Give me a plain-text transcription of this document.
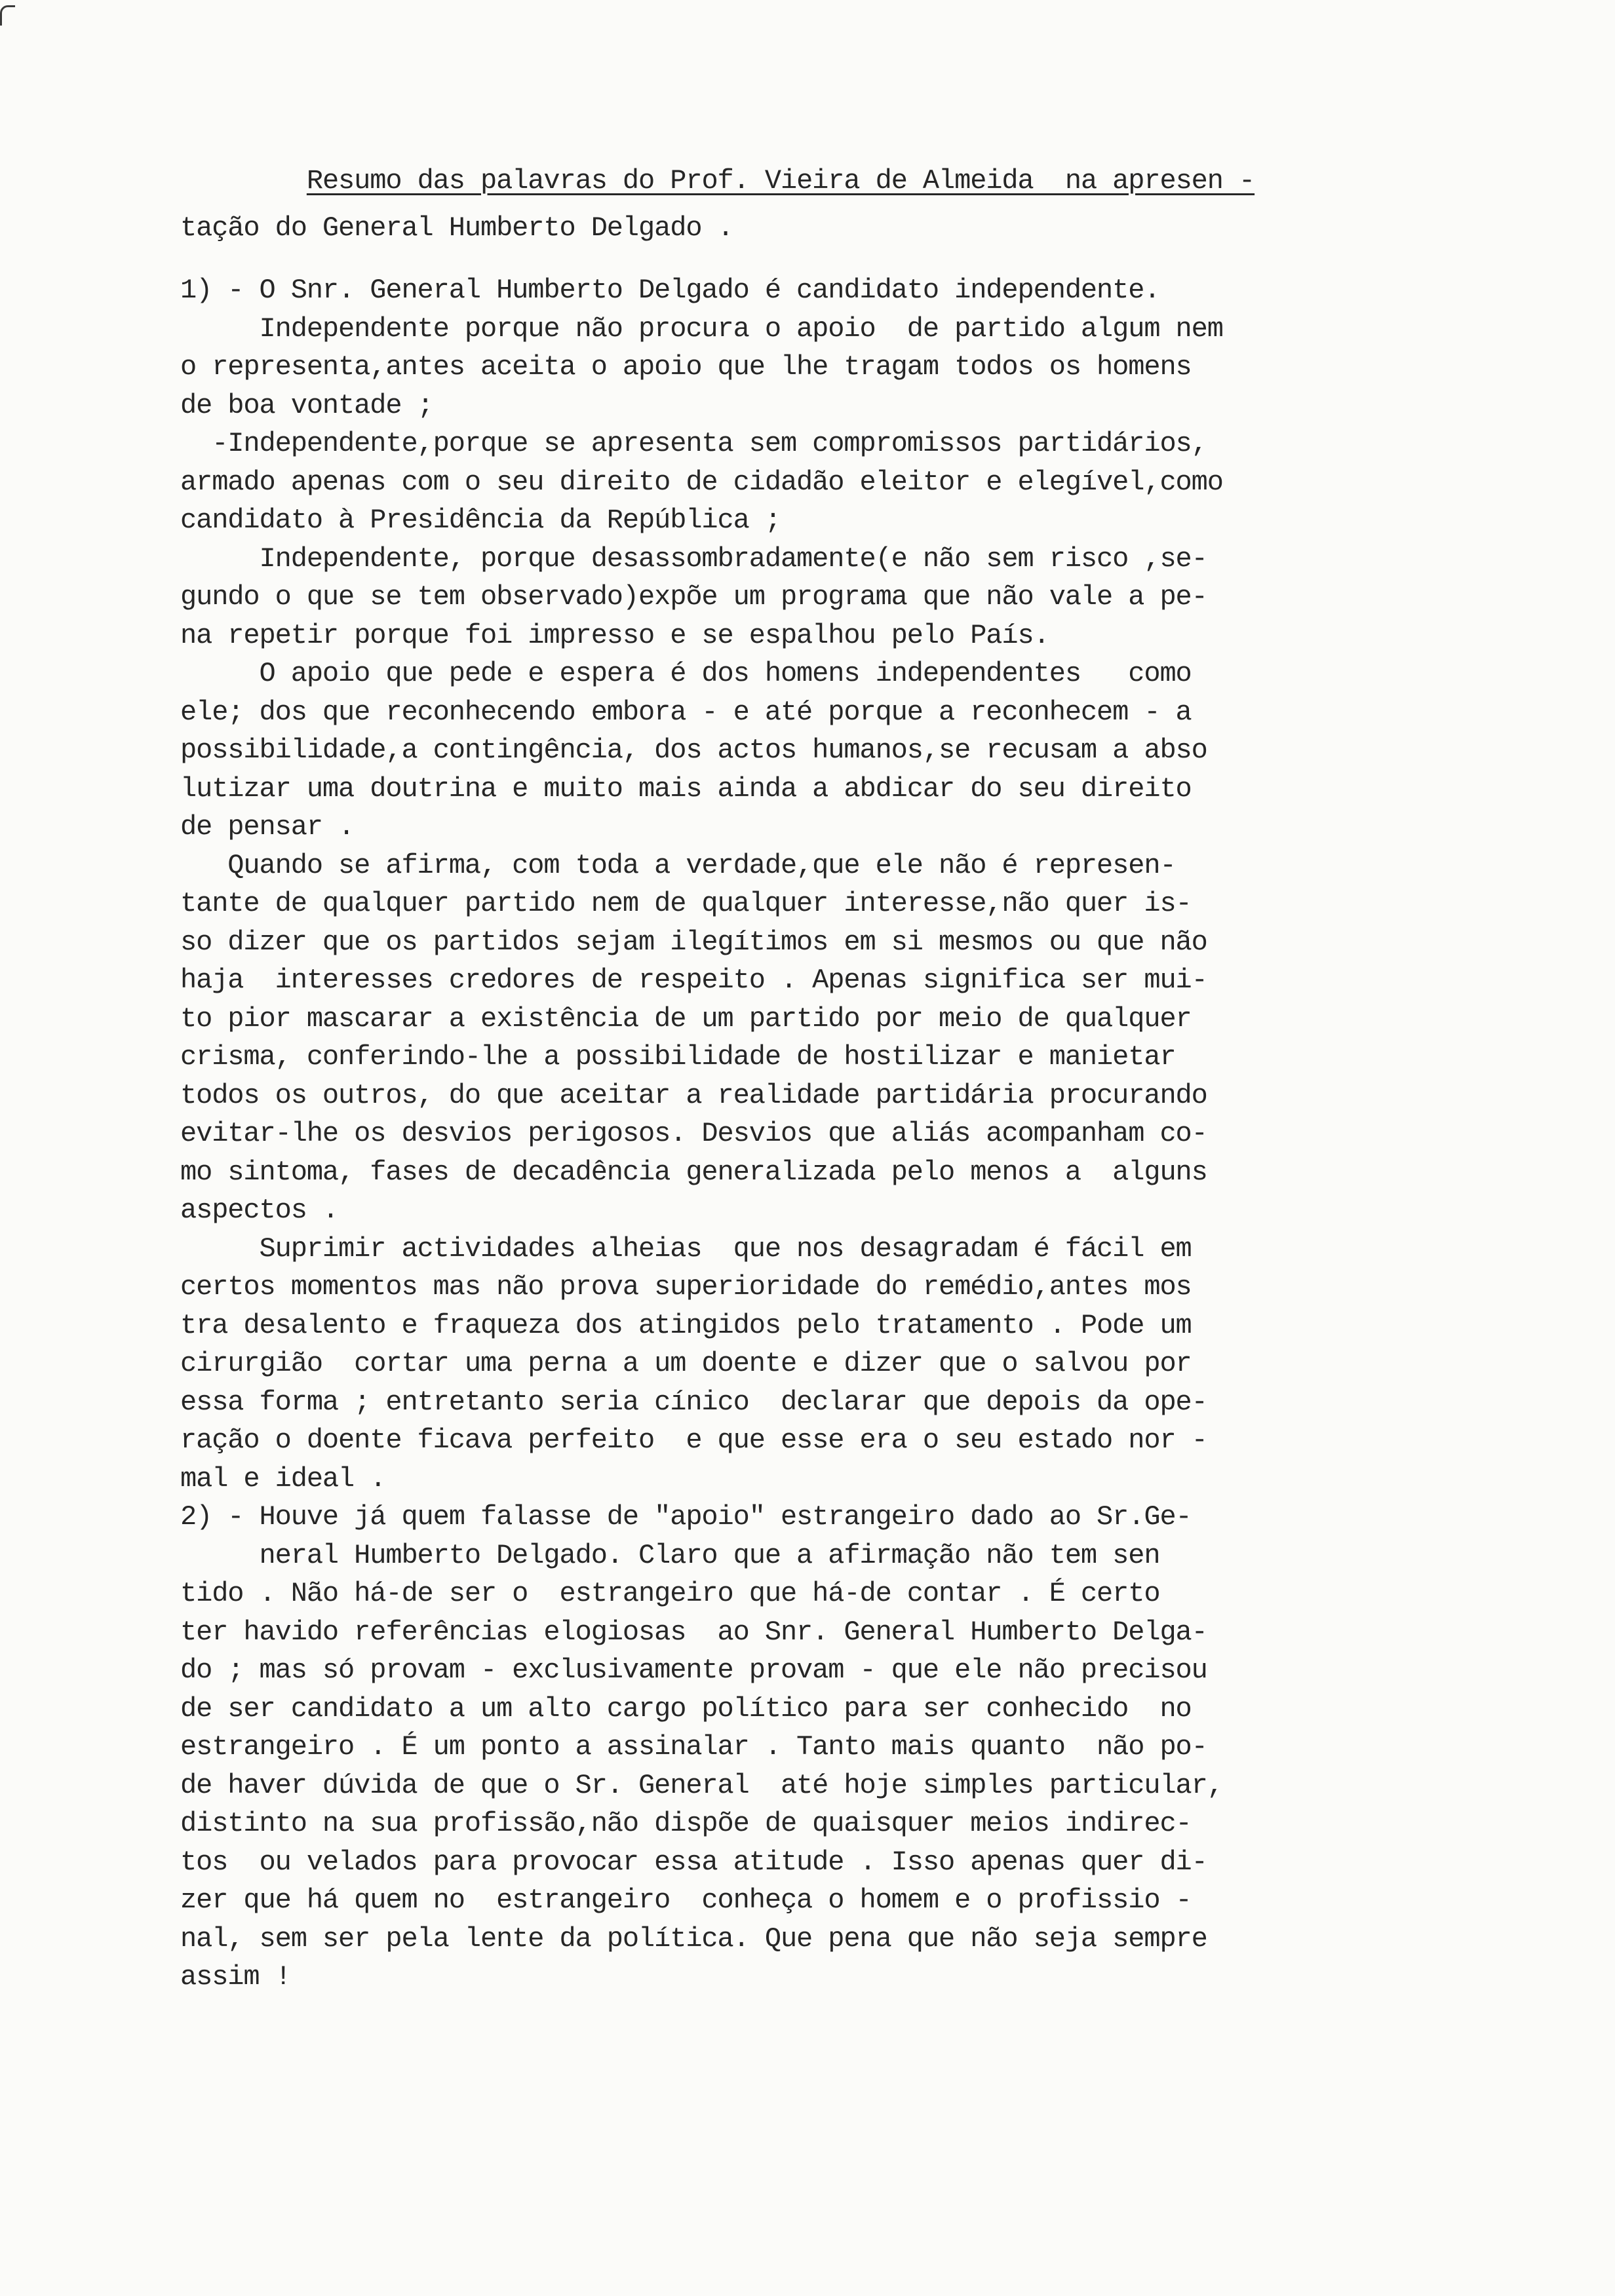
Resumo das palavras do Prof. Vieira de Almeida  na apresen -
tação do General Humberto Delgado .
1) - O Snr. General Humberto Delgado é candidato independente.
Independente porque não procura o apoio  de partido algum nem
o representa,antes aceita o apoio que lhe tragam todos os homens
de boa vontade ;
-Independente,porque se apresenta sem compromissos partidários,
armado apenas com o seu direito de cidadão eleitor e elegível,como
candidato à Presidência da República ;
Independente, porque desassombradamente(e não sem risco ,se-
gundo o que se tem observado)expõe um programa que não vale a pe-
na repetir porque foi impresso e se espalhou pelo País.
O apoio que pede e espera é dos homens independentes   como
ele; dos que reconhecendo embora - e até porque a reconhecem - a
possibilidade,a contingência, dos actos humanos,se recusam a abso
lutizar uma doutrina e muito mais ainda a abdicar do seu direito
de pensar .
Quando se afirma, com toda a verdade,que ele não é represen-
tante de qualquer partido nem de qualquer interesse,não quer is-
so dizer que os partidos sejam ilegítimos em si mesmos ou que não
haja  interesses credores de respeito . Apenas significa ser mui-
to pior mascarar a existência de um partido por meio de qualquer
crisma, conferindo-lhe a possibilidade de hostilizar e manietar
todos os outros, do que aceitar a realidade partidária procurando
evitar-lhe os desvios perigosos. Desvios que aliás acompanham co-
mo sintoma, fases de decadência generalizada pelo menos a  alguns
aspectos .
Suprimir actividades alheias  que nos desagradam é fácil em
certos momentos mas não prova superioridade do remédio,antes mos
tra desalento e fraqueza dos atingidos pelo tratamento . Pode um
cirurgião  cortar uma perna a um doente e dizer que o salvou por
essa forma ; entretanto seria cínico  declarar que depois da ope-
ração o doente ficava perfeito  e que esse era o seu estado nor -
mal e ideal .
2) - Houve já quem falasse de "apoio" estrangeiro dado ao Sr.Ge-
neral Humberto Delgado. Claro que a afirmação não tem sen
tido . Não há-de ser o  estrangeiro que há-de contar . É certo
ter havido referências elogiosas  ao Snr. General Humberto Delga-
do ; mas só provam - exclusivamente provam - que ele não precisou
de ser candidato a um alto cargo político para ser conhecido  no
estrangeiro . É um ponto a assinalar . Tanto mais quanto  não po-
de haver dúvida de que o Sr. General  até hoje simples particular,
distinto na sua profissão,não dispõe de quaisquer meios indirec-
tos  ou velados para provocar essa atitude . Isso apenas quer di-
zer que há quem no  estrangeiro  conheça o homem e o profissio -
nal, sem ser pela lente da política. Que pena que não seja sempre
assim !
